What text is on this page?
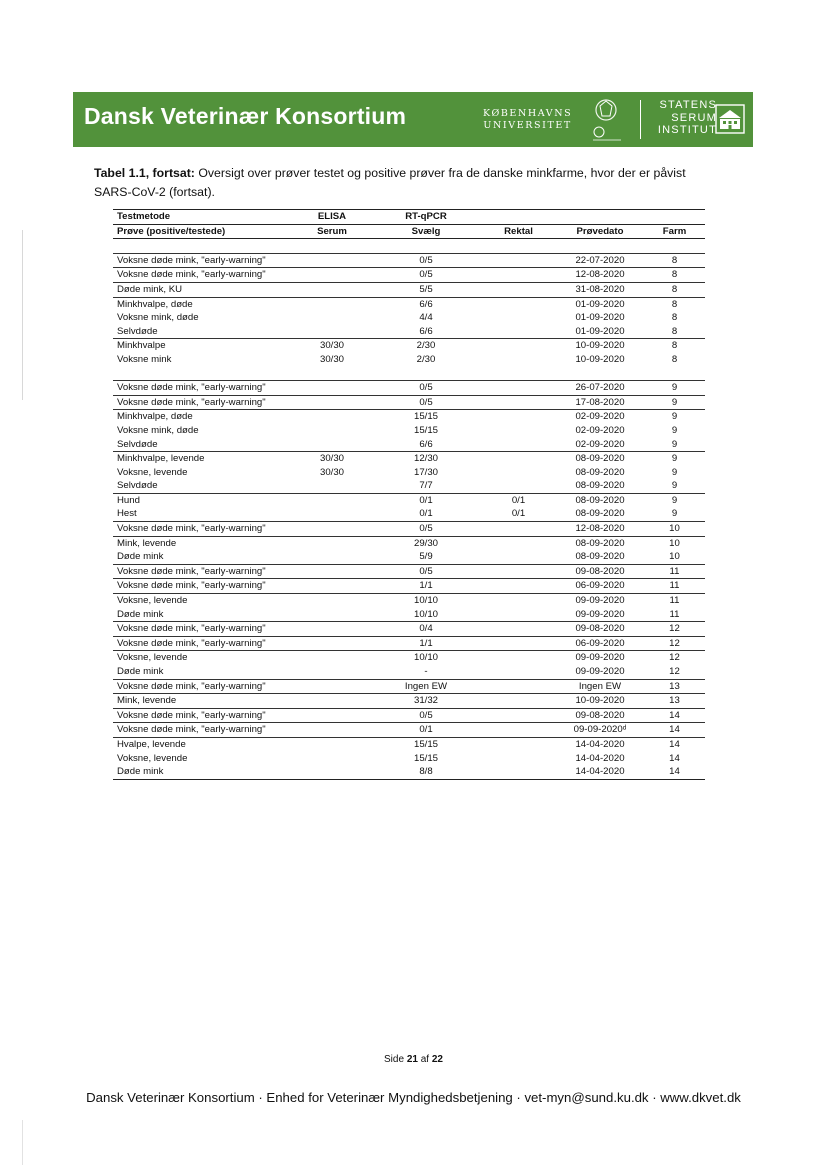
Dansk Veterinær Konsortium	KØBENHAVNS
UNIVERSITET
STATENS
SERUM
INSTITUT
Tabel 1.1, fortsat: Oversigt over prøver testet og positive prøver fra de danske minkfarme, hvor der er påvist SARS-CoV-2 (fortsat).
Testmetode	ELISA	RT-qPCR			
Prøve (positive/testede)	Serum	Svælg	Rektal	Prøvedato	Farm

Voksne døde mink, "early-warning"		0/5		22-07-2020	8
Voksne døde mink, "early-warning"		0/5		12-08-2020	8
Døde mink, KU		5/5		31-08-2020	8
Minkhvalpe, døde		6/6		01-09-2020	8
Voksne mink, døde		4/4		01-09-2020	8
Selvdøde		6/6		01-09-2020	8
Minkhvalpe	30/30	2/30		10-09-2020	8
Voksne mink	30/30	2/30		10-09-2020	8

Voksne døde mink, "early-warning"		0/5		26-07-2020	9
Voksne døde mink, "early-warning"		0/5		17-08-2020	9
Minkhvalpe, døde		15/15		02-09-2020	9
Voksne mink, døde		15/15		02-09-2020	9
Selvdøde		6/6		02-09-2020	9
Minkhvalpe, levende	30/30	12/30		08-09-2020	9
Voksne, levende	30/30	17/30		08-09-2020	9
Selvdøde		7/7		08-09-2020	9
Hund		0/1	0/1	08-09-2020	9
Hest		0/1	0/1	08-09-2020	9
Voksne døde mink, "early-warning"		0/5		12-08-2020	10
Mink, levende		29/30		08-09-2020	10
Døde mink		5/9		08-09-2020	10
Voksne døde mink, "early-warning"		0/5		09-08-2020	11
Voksne døde mink, "early-warning"		1/1		06-09-2020	11
Voksne, levende		10/10		09-09-2020	11
Døde mink		10/10		09-09-2020	11
Voksne døde mink, "early-warning"		0/4		09-08-2020	12
Voksne døde mink, "early-warning"		1/1		06-09-2020	12
Voksne, levende		10/10		09-09-2020	12
Døde mink		-		09-09-2020	12
Voksne døde mink, "early-warning"		Ingen EW		Ingen EW	13
Mink, levende		31/32		10-09-2020	13
Voksne døde mink, "early-warning"		0/5		09-08-2020	14
Voksne døde mink, "early-warning"		0/1		09-09-2020ᵈ	14
Hvalpe, levende		15/15		14-04-2020	14
Voksne, levende		15/15		14-04-2020	14
Døde mink		8/8		14-04-2020	14
Side 21 af 22
Dansk Veterinær Konsortium · Enhed for Veterinær Myndighedsbetjening · vet-myn@sund.ku.dk · www.dkvet.dk
